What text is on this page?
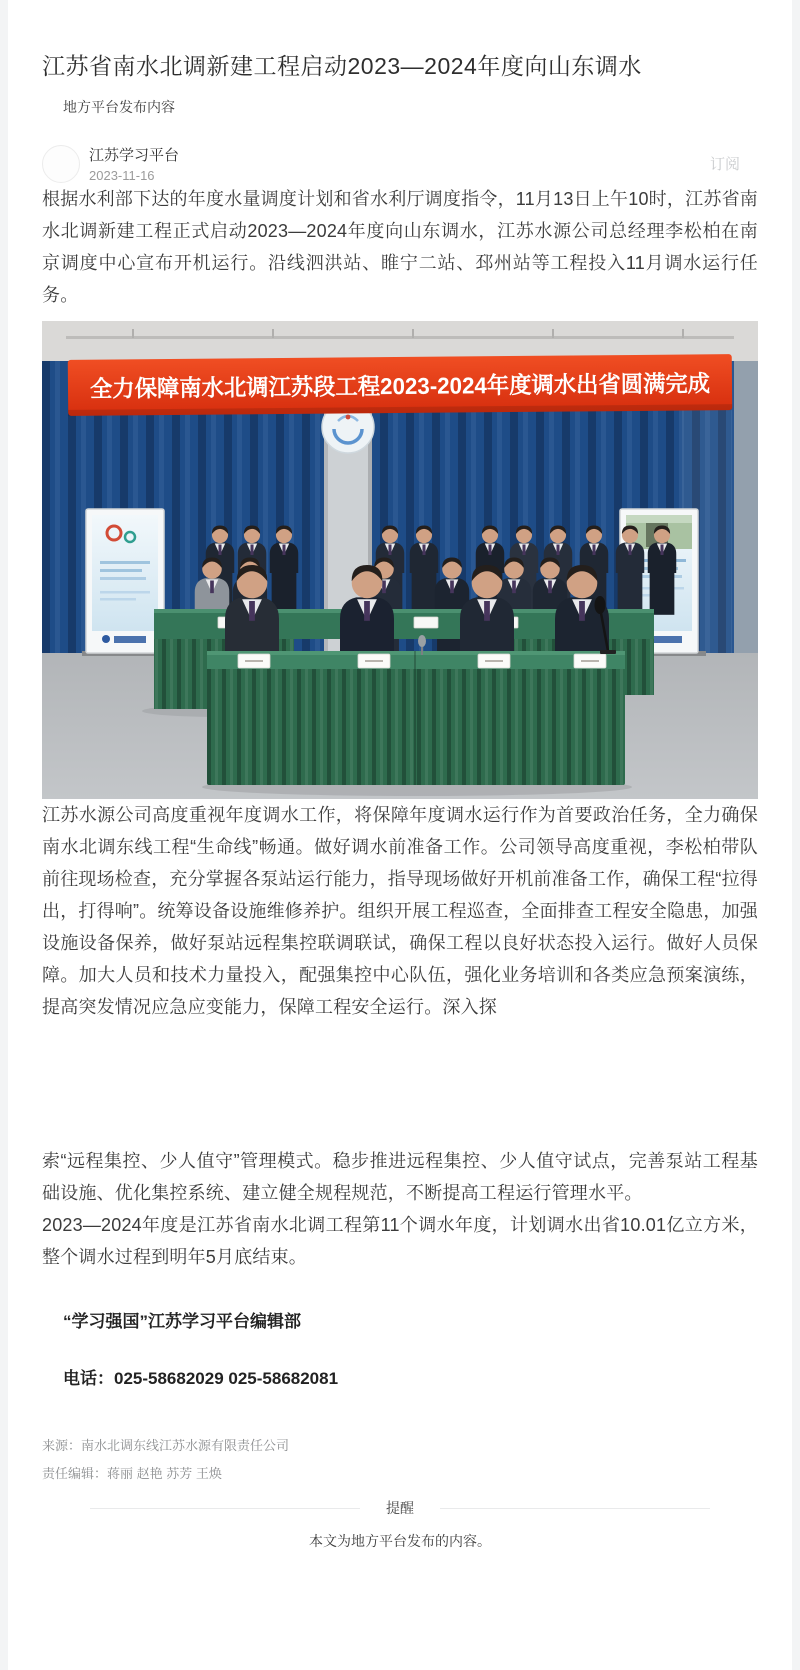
江苏省南水北调新建工程启动2023—2024年度向山东调水
地方平台发布内容
江苏学习平台
2023-11-16
订阅

根据水利部下达的年度水量调度计划和省水利厅调度指令，11月13日上午10时，江苏省南水北调新建工程正式启动2023—2024年度向山东调水，江苏水源公司总经理李松柏在南京调度中心宣布开机运行。沿线泗洪站、睢宁二站、邳州站等工程投入11月调水运行任务。

全力保障南水北调江苏段工程2023-2024年度调水出省圆满完成

江苏水源公司高度重视年度调水工作，将保障年度调水运行作为首要政治任务，全力确保南水北调东线工程“生命线”畅通。做好调水前准备工作。公司领导高度重视，李松柏带队前往现场检查，充分掌握各泵站运行能力，指导现场做好开机前准备工作，确保工程“拉得出，打得响”。统筹设备设施维修养护。组织开展工程巡查，全面排查工程安全隐患，加强设施设备保养，做好泵站远程集控联调联试，确保工程以良好状态投入运行。做好人员保障。加大人员和技术力量投入，配强集控中心队伍，强化业务培训和各类应急预案演练，提高突发情况应急应变能力，保障工程安全运行。深入探

索“远程集控、少人值守”管理模式。稳步推进远程集控、少人值守试点，完善泵站工程基础设施、优化集控系统、建立健全规程规范，不断提高工程运行管理水平。

2023—2024年度是江苏省南水北调工程第11个调水年度，计划调水出省10.01亿立方米，整个调水过程到明年5月底结束。

“学习强国”江苏学习平台编辑部
电话：025-58682029 025-58682081
来源：南水北调东线江苏水源有限责任公司
责任编辑：蒋丽 赵艳 苏芳 王焕
提醒
本文为地方平台发布的内容。
